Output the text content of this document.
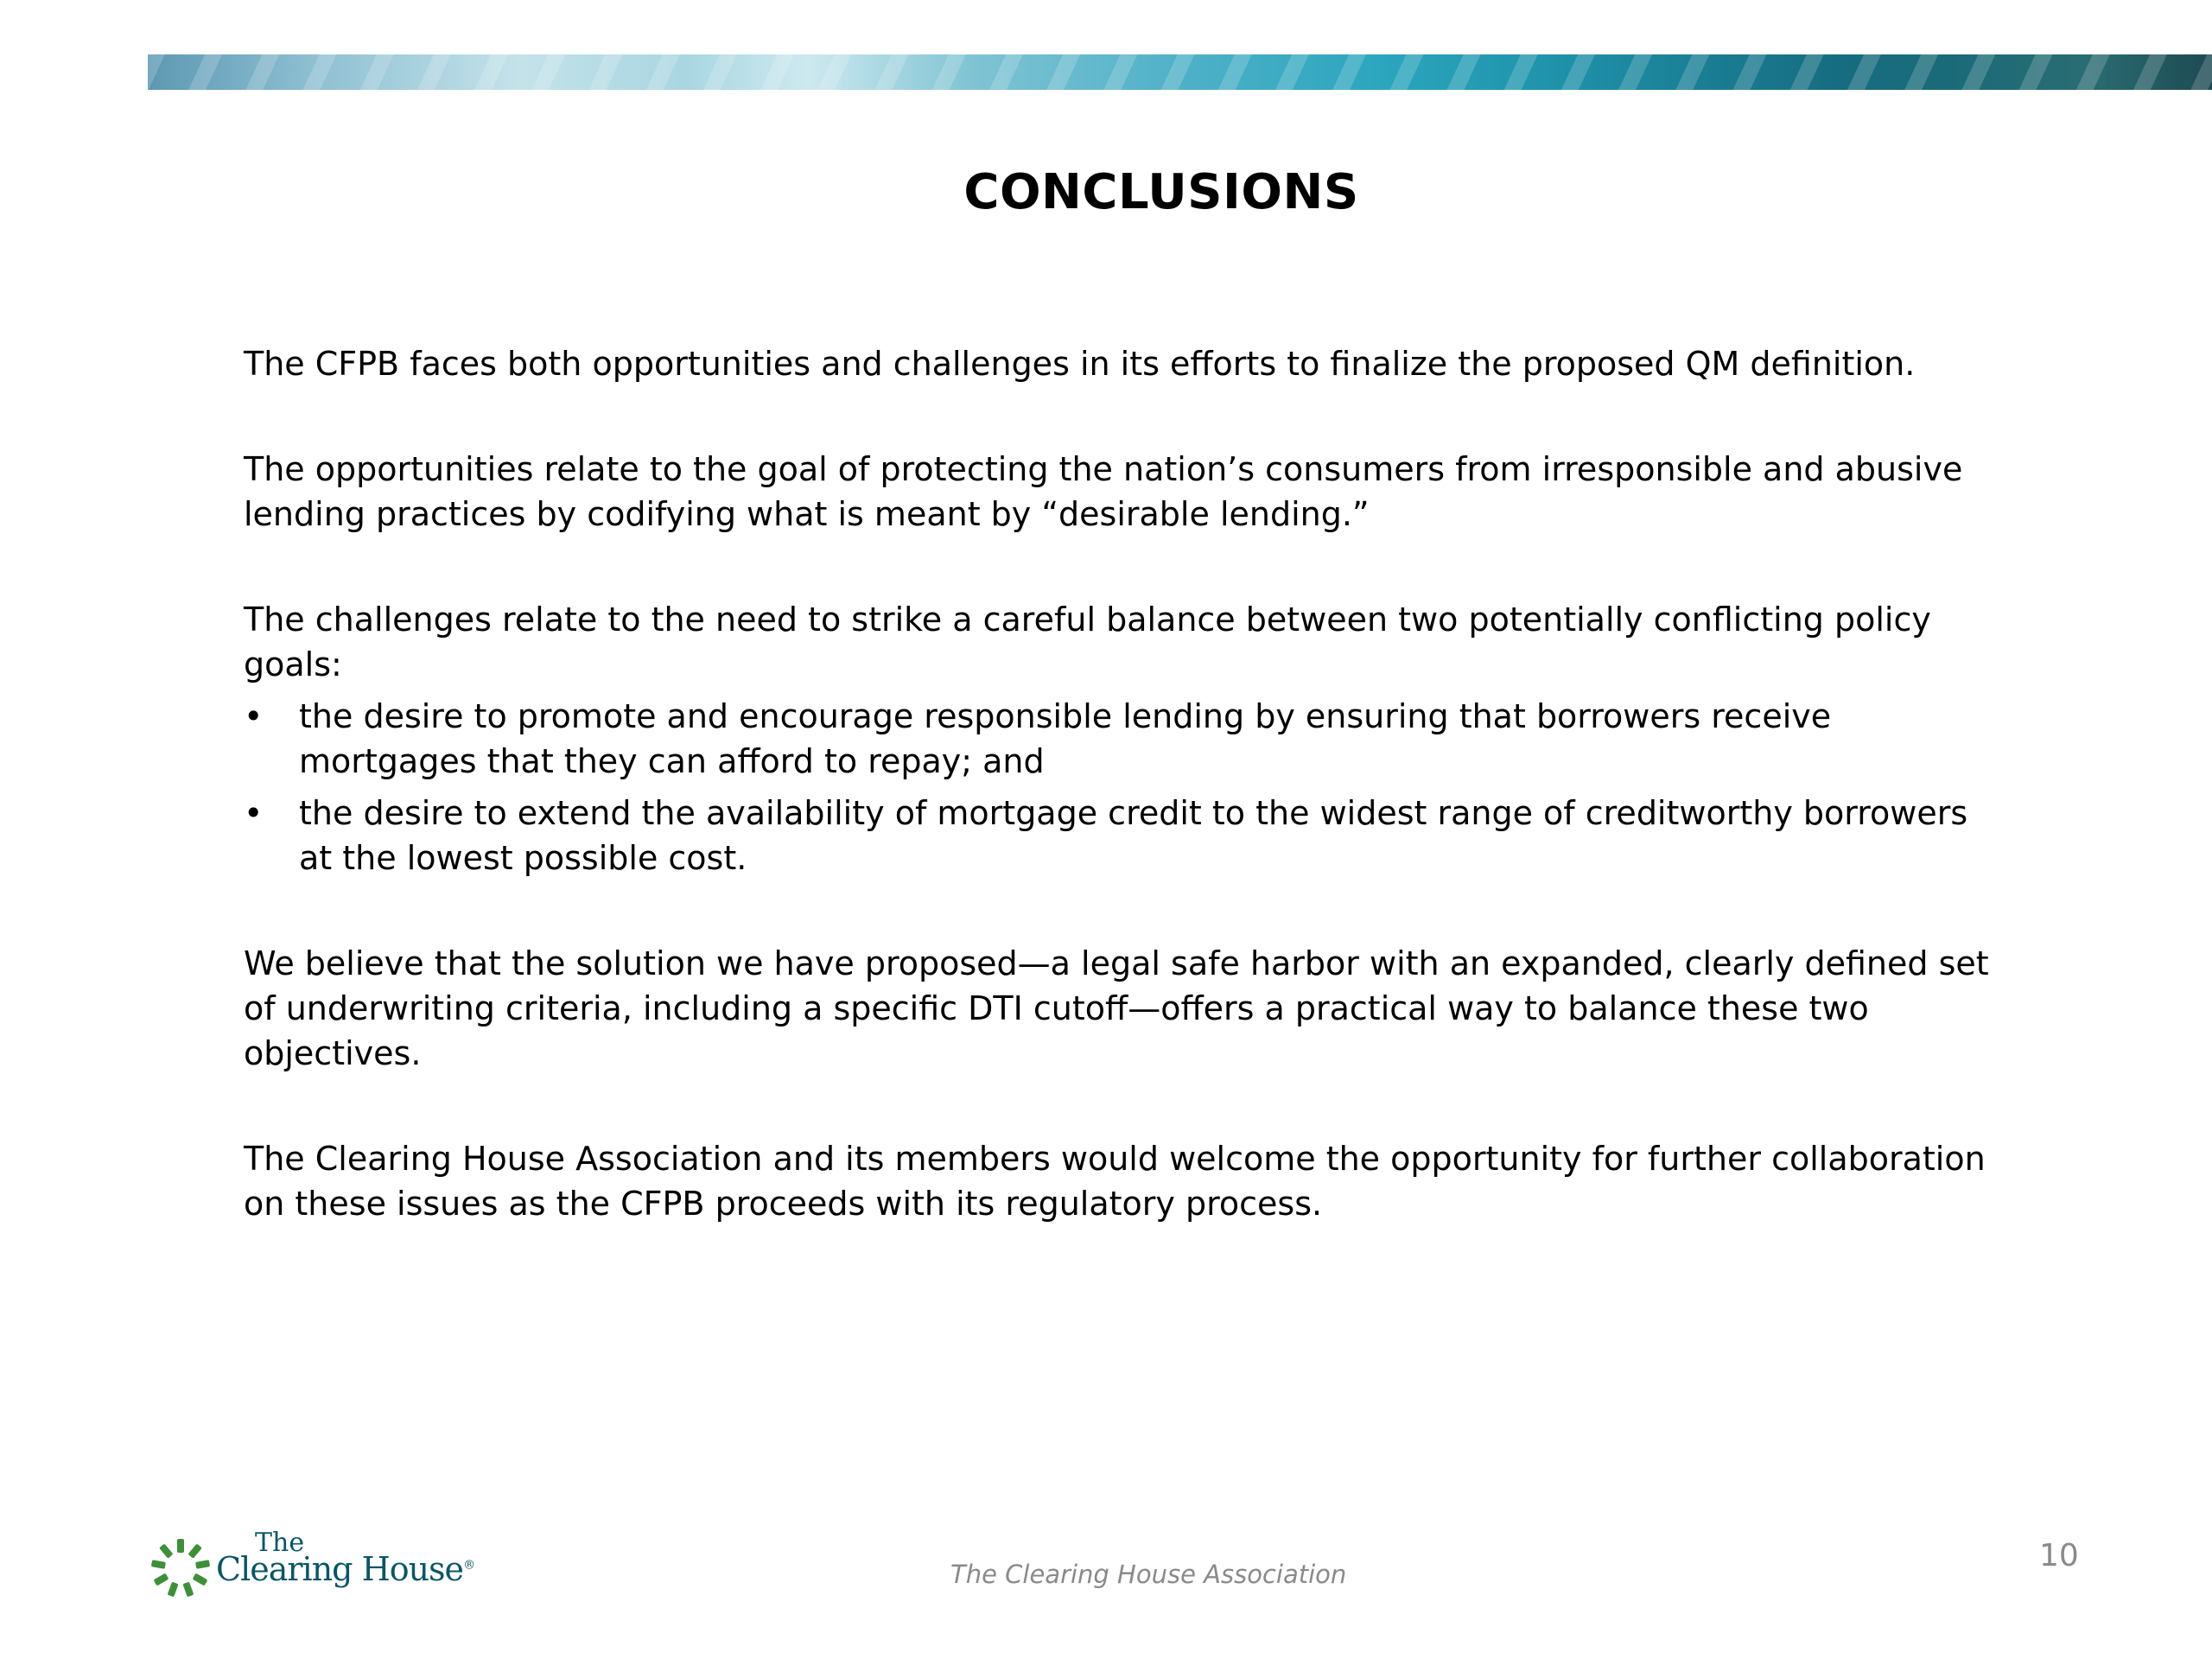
CONCLUSIONS

The CFPB faces both opportunities and challenges in its efforts to finalize the proposed QM definition.

The opportunities relate to the goal of protecting the nation’s consumers from irresponsible and abusive lending practices by codifying what is meant by “desirable lending.”

The challenges relate to the need to strike a careful balance between two potentially conflicting policy goals:

• the desire to promote and encourage responsible lending by ensuring that borrowers receive mortgages that they can afford to repay; and
• the desire to extend the availability of mortgage credit to the widest range of creditworthy borrowers at the lowest possible cost.

We believe that the solution we have proposed—a legal safe harbor with an expanded, clearly defined set of underwriting criteria, including a specific DTI cutoff—offers a practical way to balance these two objectives.

The Clearing House Association and its members would welcome the opportunity for further collaboration on these issues as the CFPB proceeds with its regulatory process.

The
Clearing House®	The Clearing House Association
10
